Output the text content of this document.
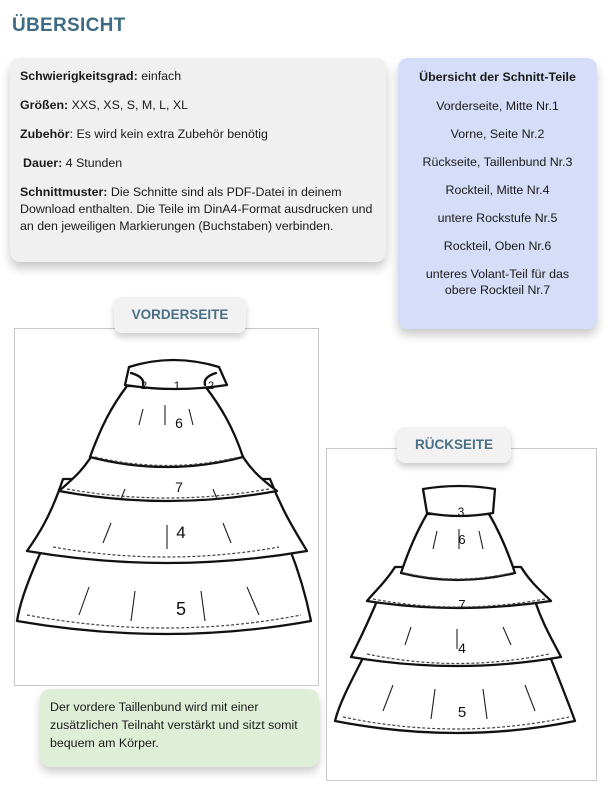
ÜBERSICHT
Schwierigkeitsgrad: einfach
Größen: XXS, XS, S, M, L, XL
Zubehör: Es wird kein extra Zubehör benötig
Dauer: 4 Stunden
Schnittmuster: Die Schnitte sind als PDF-Datei in deinem Download enthalten. Die Teile im DinA4-Format ausdrucken und an den jeweiligen Markierungen (Buchstaben) verbinden.
Übersicht der Schnitt-Teile
Vorderseite, Mitte Nr.1
Vorne, Seite Nr.2
Rückseite, Taillenbund Nr.3
Rockteil, Mitte Nr.4
untere Rockstufe Nr.5
Rockteil, Oben Nr.6
unteres Volant-Teil für das obere Rockteil Nr.7
2 1	2
6
7
4
5
3
6
7
4
5
VORDERSEITE
RÜCKSEITE
Der vordere Taillenbund wird mit einer zusätzlichen Teilnaht verstärkt und sitzt somit bequem am Körper.
